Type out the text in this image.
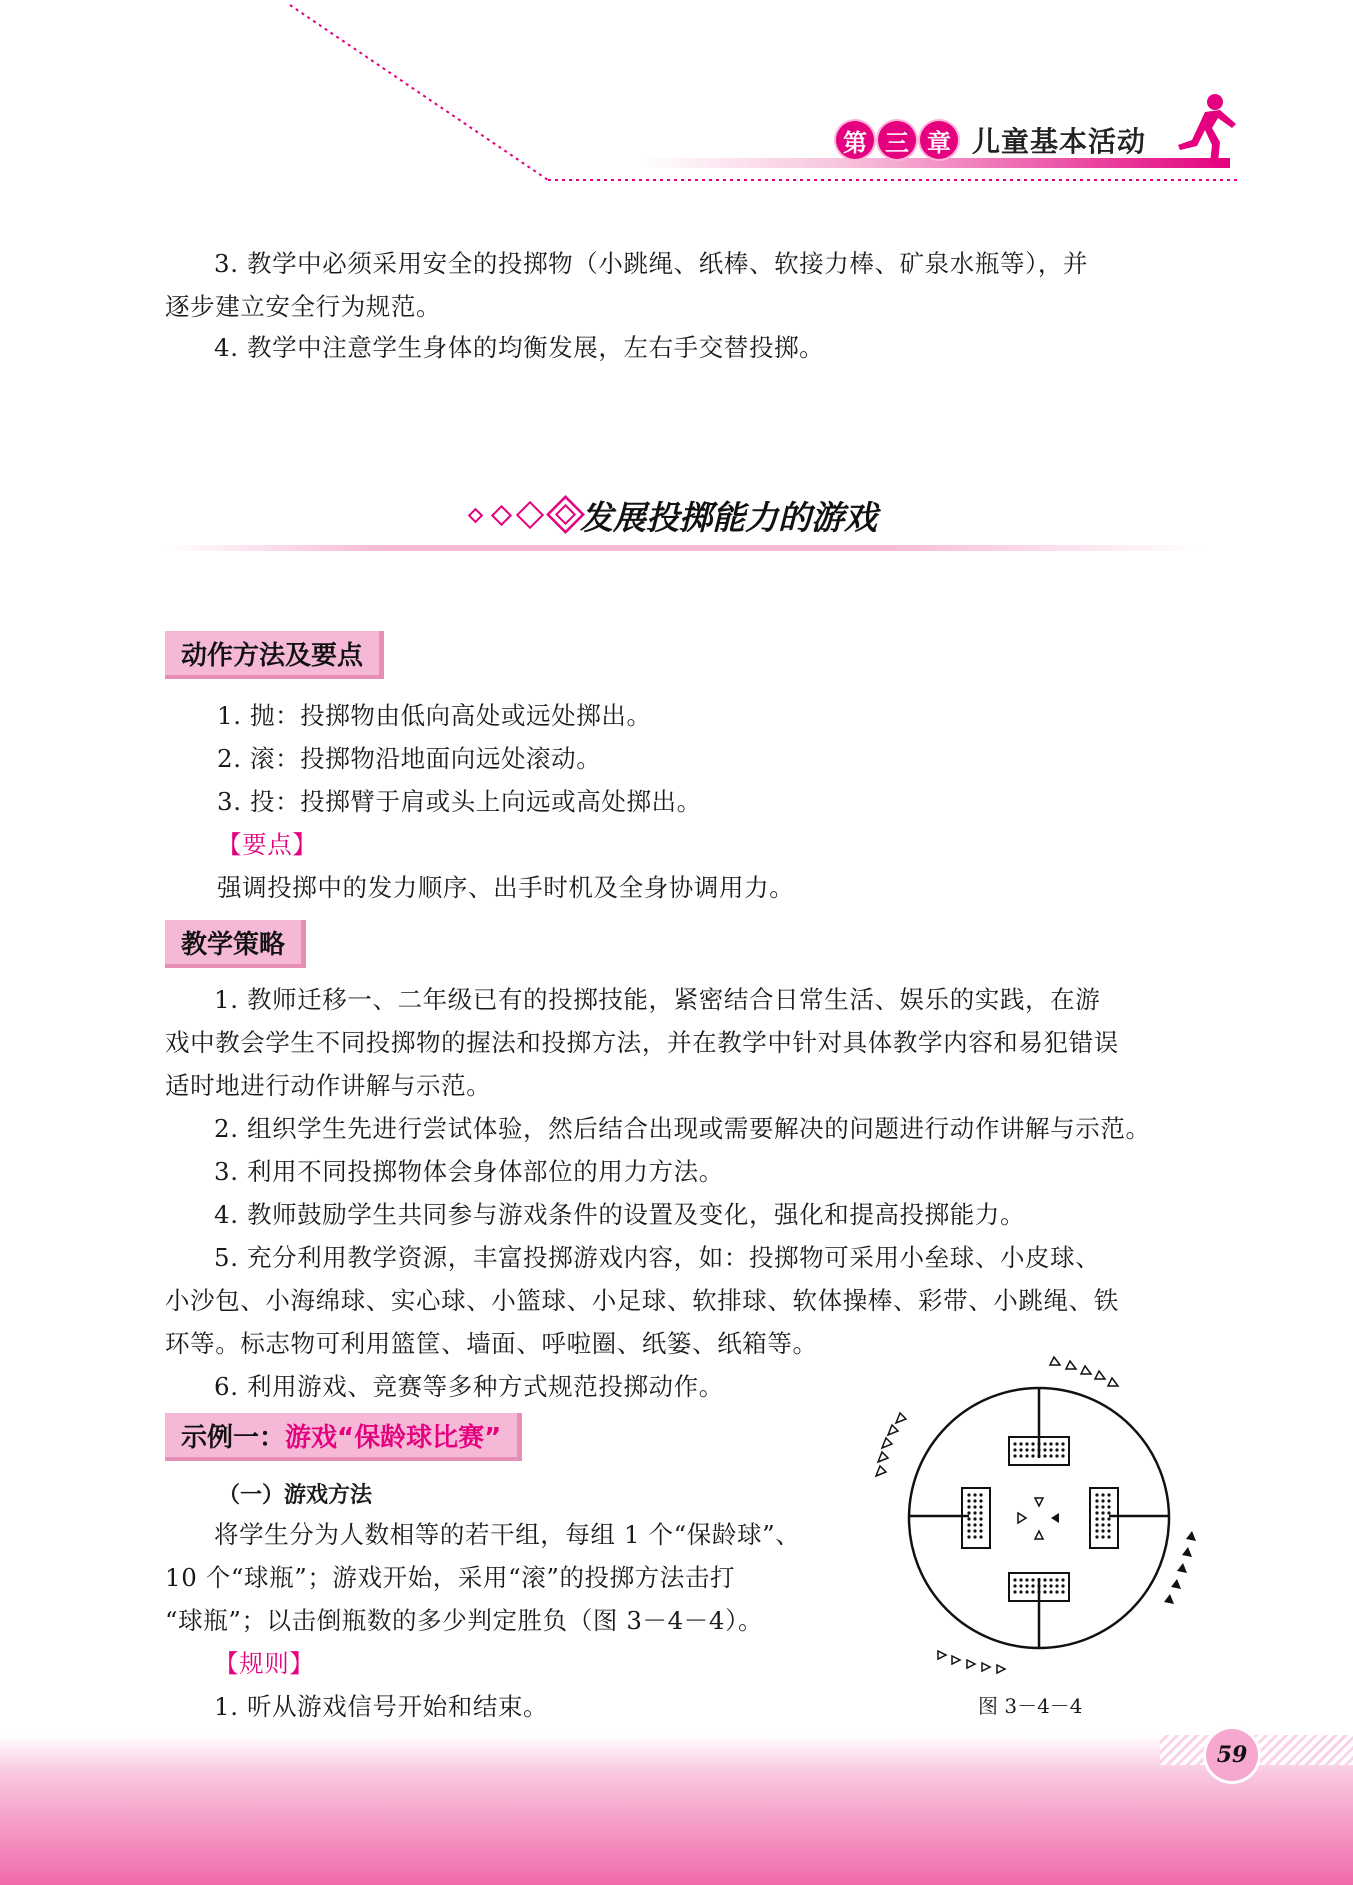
第 三 章 儿童基本活动
3. 教学中必须采用安全的投掷物（小跳绳、纸棒、软接力棒、矿泉水瓶等），并
逐步建立安全行为规范。
4. 教学中注意学生身体的均衡发展，左右手交替投掷。
发展投掷能力的游戏
动作方法及要点
1. 抛：投掷物由低向高处或远处掷出。
2. 滚：投掷物沿地面向远处滚动。
3. 投：投掷臂于肩或头上向远或高处掷出。
【要点】
强调投掷中的发力顺序、出手时机及全身协调用力。
教学策略
1. 教师迁移一、二年级已有的投掷技能，紧密结合日常生活、娱乐的实践，在游
戏中教会学生不同投掷物的握法和投掷方法，并在教学中针对具体教学内容和易犯错误
适时地进行动作讲解与示范。
2. 组织学生先进行尝试体验，然后结合出现或需要解决的问题进行动作讲解与示范。
3. 利用不同投掷物体会身体部位的用力方法。
4. 教师鼓励学生共同参与游戏条件的设置及变化，强化和提高投掷能力。
5. 充分利用教学资源，丰富投掷游戏内容，如：投掷物可采用小垒球、小皮球、
小沙包、小海绵球、实心球、小篮球、小足球、软排球、软体操棒、彩带、小跳绳、铁
环等。标志物可利用篮筐、墙面、呼啦圈、纸篓、纸箱等。
6. 利用游戏、竞赛等多种方式规范投掷动作。
示例一： 游戏“保龄球比赛”
（一）游戏方法
将学生分为人数相等的若干组，每组 1 个“保龄球”、
10 个“球瓶”；游戏开始，采用“滚”的投掷方法击打
“球瓶”；以击倒瓶数的多少判定胜负（图 3－4－4）。
【规则】
1. 听从游戏信号开始和结束。	图 3－4－4
59
